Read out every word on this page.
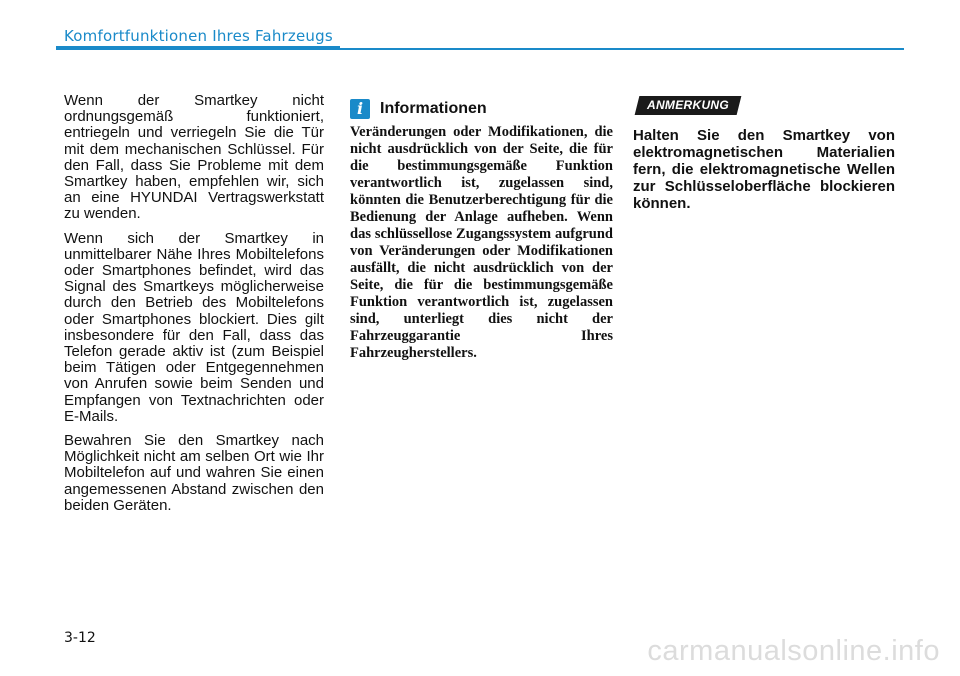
Komfortfunktionen Ihres Fahrzeugs

Wenn der Smartkey nicht ordnungsgemäß funktioniert, entriegeln und verriegeln Sie die Tür mit dem mechanischen Schlüssel. Für den Fall, dass Sie Probleme mit dem Smartkey haben, empfehlen wir, sich an eine HYUNDAI Vertragswerkstatt zu wenden.

Wenn sich der Smartkey in unmittelbarer Nähe Ihres Mobiltelefons oder Smartphones befindet, wird das Signal des Smartkeys möglicherweise durch den Betrieb des Mobiltelefons oder Smartphones blockiert. Dies gilt insbesondere für den Fall, dass das Telefon gerade aktiv ist (zum Beispiel beim Tätigen oder Entgegennehmen von Anrufen sowie beim Senden und Empfangen von Textnachrichten oder E-Mails.

Bewahren Sie den Smartkey nach Möglichkeit nicht am selben Ort wie Ihr Mobiltelefon auf und wahren Sie einen angemessenen Abstand zwischen den beiden Geräten.

i	Informationen

Veränderungen oder Modifikationen, die nicht ausdrücklich von der Seite, die für die bestimmungsgemäße Funktion verantwortlich ist, zugelassen sind, könnten die Benutzerberechtigung für die Bedienung der Anlage aufheben. Wenn das schlüssellose Zugangssystem aufgrund von Veränderungen oder Modifikationen ausfällt, die nicht ausdrücklich von der Seite, die für die bestimmungsgemäße Funktion verantwortlich ist, zugelassen sind, unterliegt dies nicht der Fahrzeuggarantie Ihres Fahrzeugherstellers.

ANMERKUNG

Halten Sie den Smartkey von elektromagnetischen Materialien fern, die elektromagnetische Wellen zur Schlüsseloberfläche blockieren können.

3-12	carmanualsonline.info
